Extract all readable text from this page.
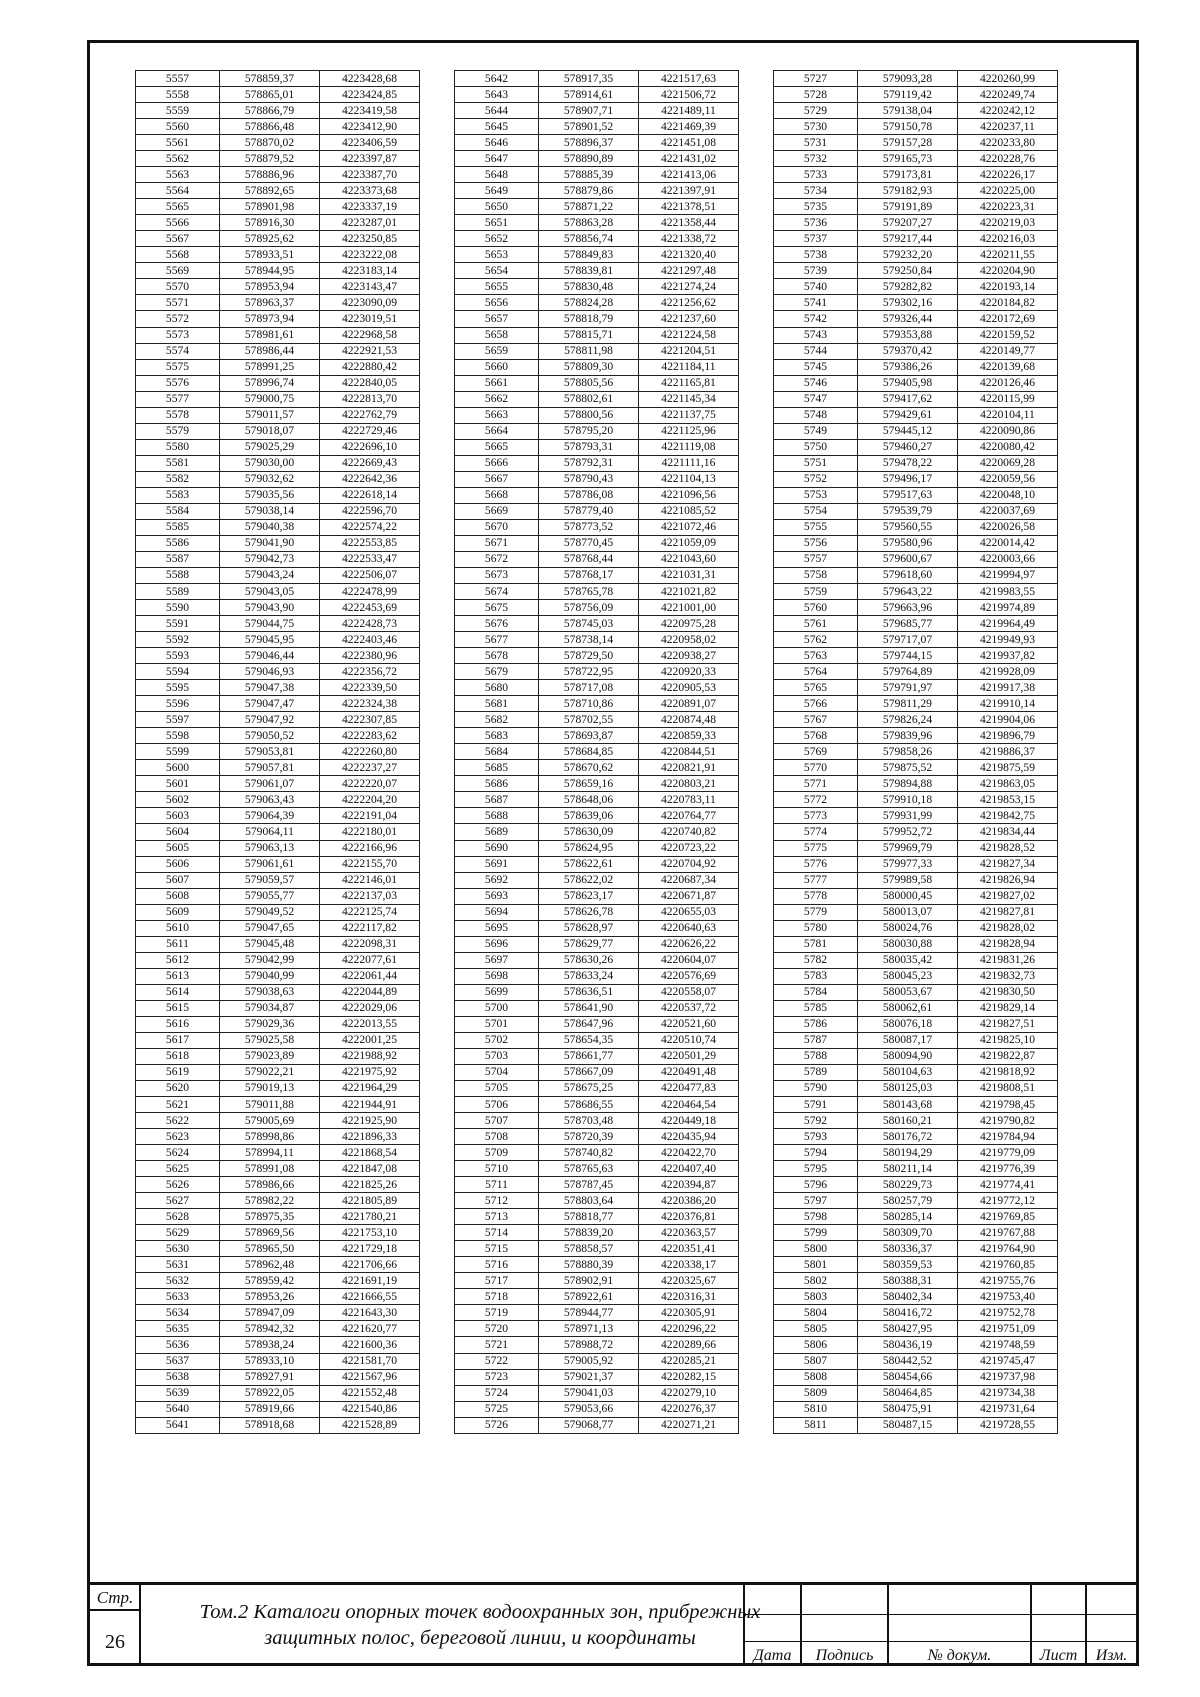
5557	578859,37	4223428,68
5558	578865,01	4223424,85
5559	578866,79	4223419,58
5560	578866,48	4223412,90
5561	578870,02	4223406,59
5562	578879,52	4223397,87
5563	578886,96	4223387,70
5564	578892,65	4223373,68
5565	578901,98	4223337,19
5566	578916,30	4223287,01
5567	578925,62	4223250,85
5568	578933,51	4223222,08
5569	578944,95	4223183,14
5570	578953,94	4223143,47
5571	578963,37	4223090,09
5572	578973,94	4223019,51
5573	578981,61	4222968,58
5574	578986,44	4222921,53
5575	578991,25	4222880,42
5576	578996,74	4222840,05
5577	579000,75	4222813,70
5578	579011,57	4222762,79
5579	579018,07	4222729,46
5580	579025,29	4222696,10
5581	579030,00	4222669,43
5582	579032,62	4222642,36
5583	579035,56	4222618,14
5584	579038,14	4222596,70
5585	579040,38	4222574,22
5586	579041,90	4222553,85
5587	579042,73	4222533,47
5588	579043,24	4222506,07
5589	579043,05	4222478,99
5590	579043,90	4222453,69
5591	579044,75	4222428,73
5592	579045,95	4222403,46
5593	579046,44	4222380,96
5594	579046,93	4222356,72
5595	579047,38	4222339,50
5596	579047,47	4222324,38
5597	579047,92	4222307,85
5598	579050,52	4222283,62
5599	579053,81	4222260,80
5600	579057,81	4222237,27
5601	579061,07	4222220,07
5602	579063,43	4222204,20
5603	579064,39	4222191,04
5604	579064,11	4222180,01
5605	579063,13	4222166,96
5606	579061,61	4222155,70
5607	579059,57	4222146,01
5608	579055,77	4222137,03
5609	579049,52	4222125,74
5610	579047,65	4222117,82
5611	579045,48	4222098,31
5612	579042,99	4222077,61
5613	579040,99	4222061,44
5614	579038,63	4222044,89
5615	579034,87	4222029,06
5616	579029,36	4222013,55
5617	579025,58	4222001,25
5618	579023,89	4221988,92
5619	579022,21	4221975,92
5620	579019,13	4221964,29
5621	579011,88	4221944,91
5622	579005,69	4221925,90
5623	578998,86	4221896,33
5624	578994,11	4221868,54
5625	578991,08	4221847,08
5626	578986,66	4221825,26
5627	578982,22	4221805,89
5628	578975,35	4221780,21
5629	578969,56	4221753,10
5630	578965,50	4221729,18
5631	578962,48	4221706,66
5632	578959,42	4221691,19
5633	578953,26	4221666,55
5634	578947,09	4221643,30
5635	578942,32	4221620,77
5636	578938,24	4221600,36
5637	578933,10	4221581,70
5638	578927,91	4221567,96
5639	578922,05	4221552,48
5640	578919,66	4221540,86
5641	578918,68	4221528,89
5642	578917,35	4221517,63
5643	578914,61	4221506,72
5644	578907,71	4221489,11
5645	578901,52	4221469,39
5646	578896,37	4221451,08
5647	578890,89	4221431,02
5648	578885,39	4221413,06
5649	578879,86	4221397,91
5650	578871,22	4221378,51
5651	578863,28	4221358,44
5652	578856,74	4221338,72
5653	578849,83	4221320,40
5654	578839,81	4221297,48
5655	578830,48	4221274,24
5656	578824,28	4221256,62
5657	578818,79	4221237,60
5658	578815,71	4221224,58
5659	578811,98	4221204,51
5660	578809,30	4221184,11
5661	578805,56	4221165,81
5662	578802,61	4221145,34
5663	578800,56	4221137,75
5664	578795,20	4221125,96
5665	578793,31	4221119,08
5666	578792,31	4221111,16
5667	578790,43	4221104,13
5668	578786,08	4221096,56
5669	578779,40	4221085,52
5670	578773,52	4221072,46
5671	578770,45	4221059,09
5672	578768,44	4221043,60
5673	578768,17	4221031,31
5674	578765,78	4221021,82
5675	578756,09	4221001,00
5676	578745,03	4220975,28
5677	578738,14	4220958,02
5678	578729,50	4220938,27
5679	578722,95	4220920,33
5680	578717,08	4220905,53
5681	578710,86	4220891,07
5682	578702,55	4220874,48
5683	578693,87	4220859,33
5684	578684,85	4220844,51
5685	578670,62	4220821,91
5686	578659,16	4220803,21
5687	578648,06	4220783,11
5688	578639,06	4220764,77
5689	578630,09	4220740,82
5690	578624,95	4220723,22
5691	578622,61	4220704,92
5692	578622,02	4220687,34
5693	578623,17	4220671,87
5694	578626,78	4220655,03
5695	578628,97	4220640,63
5696	578629,77	4220626,22
5697	578630,26	4220604,07
5698	578633,24	4220576,69
5699	578636,51	4220558,07
5700	578641,90	4220537,72
5701	578647,96	4220521,60
5702	578654,35	4220510,74
5703	578661,77	4220501,29
5704	578667,09	4220491,48
5705	578675,25	4220477,83
5706	578686,55	4220464,54
5707	578703,48	4220449,18
5708	578720,39	4220435,94
5709	578740,82	4220422,70
5710	578765,63	4220407,40
5711	578787,45	4220394,87
5712	578803,64	4220386,20
5713	578818,77	4220376,81
5714	578839,20	4220363,57
5715	578858,57	4220351,41
5716	578880,39	4220338,17
5717	578902,91	4220325,67
5718	578922,61	4220316,31
5719	578944,77	4220305,91
5720	578971,13	4220296,22
5721	578988,72	4220289,66
5722	579005,92	4220285,21
5723	579021,37	4220282,15
5724	579041,03	4220279,10
5725	579053,66	4220276,37
5726	579068,77	4220271,21
5727	579093,28	4220260,99
5728	579119,42	4220249,74
5729	579138,04	4220242,12
5730	579150,78	4220237,11
5731	579157,28	4220233,80
5732	579165,73	4220228,76
5733	579173,81	4220226,17
5734	579182,93	4220225,00
5735	579191,89	4220223,31
5736	579207,27	4220219,03
5737	579217,44	4220216,03
5738	579232,20	4220211,55
5739	579250,84	4220204,90
5740	579282,82	4220193,14
5741	579302,16	4220184,82
5742	579326,44	4220172,69
5743	579353,88	4220159,52
5744	579370,42	4220149,77
5745	579386,26	4220139,68
5746	579405,98	4220126,46
5747	579417,62	4220115,99
5748	579429,61	4220104,11
5749	579445,12	4220090,86
5750	579460,27	4220080,42
5751	579478,22	4220069,28
5752	579496,17	4220059,56
5753	579517,63	4220048,10
5754	579539,79	4220037,69
5755	579560,55	4220026,58
5756	579580,96	4220014,42
5757	579600,67	4220003,66
5758	579618,60	4219994,97
5759	579643,22	4219983,55
5760	579663,96	4219974,89
5761	579685,77	4219964,49
5762	579717,07	4219949,93
5763	579744,15	4219937,82
5764	579764,89	4219928,09
5765	579791,97	4219917,38
5766	579811,29	4219910,14
5767	579826,24	4219904,06
5768	579839,96	4219896,79
5769	579858,26	4219886,37
5770	579875,52	4219875,59
5771	579894,88	4219863,05
5772	579910,18	4219853,15
5773	579931,99	4219842,75
5774	579952,72	4219834,44
5775	579969,79	4219828,52
5776	579977,33	4219827,34
5777	579989,58	4219826,94
5778	580000,45	4219827,02
5779	580013,07	4219827,81
5780	580024,76	4219828,02
5781	580030,88	4219828,94
5782	580035,42	4219831,26
5783	580045,23	4219832,73
5784	580053,67	4219830,50
5785	580062,61	4219829,14
5786	580076,18	4219827,51
5787	580087,17	4219825,10
5788	580094,90	4219822,87
5789	580104,63	4219818,92
5790	580125,03	4219808,51
5791	580143,68	4219798,45
5792	580160,21	4219790,82
5793	580176,72	4219784,94
5794	580194,29	4219779,09
5795	580211,14	4219776,39
5796	580229,73	4219774,41
5797	580257,79	4219772,12
5798	580285,14	4219769,85
5799	580309,70	4219767,88
5800	580336,37	4219764,90
5801	580359,53	4219760,85
5802	580388,31	4219755,76
5803	580402,34	4219753,40
5804	580416,72	4219752,78
5805	580427,95	4219751,09
5806	580436,19	4219748,59
5807	580442,52	4219745,47
5808	580454,66	4219737,98
5809	580464,85	4219734,38
5810	580475,91	4219731,64
5811	580487,15	4219728,55
Стр.
26
Том.2 Каталоги опорных точек водоохранных зон, прибрежных
защитных полос, береговой линии, и координаты
Дата	Подпись	№ докум.	Лист	Изм.
